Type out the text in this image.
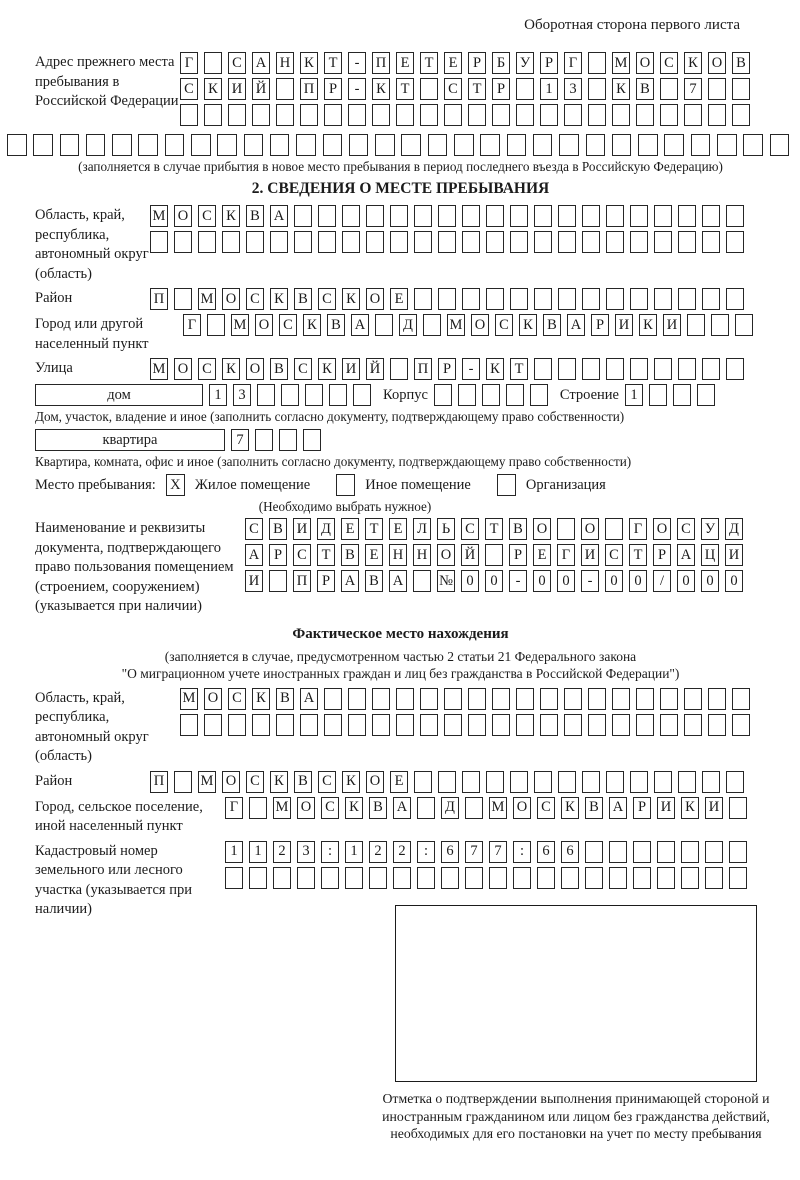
Оборотная сторона первого листа
Адрес прежнего места пребывания в Российской Федерации
Г	С А Н К	Т	-	П Е	Т	Е	Р	Б	У	Р	Г	М О С К О В
С К И Й	П	Р	-	К	Т	С	Т	Р	1	3	К В	7
(заполняется в случае прибытия в новое место пребывания в период последнего въезда в Российскую Федерацию)
2. СВЕДЕНИЯ О МЕСТЕ ПРЕБЫВАНИЯ
Область, край, республика, автономный округ (область)
М О С К В А
Район	П	М О С К В С К О Е
Город или другой населенный пункт
Г	М О С К В А	Д	М О С К В А	Р	И К И
Улица	М О С К О В С К И Й	П	Р	-	К	Т
дом	1	3	Корпус	Строение 1
Дом, участок, владение и иное (заполнить согласно документу, подтверждающему право собственности)
квартира	7
Квартира, комната, офис и иное (заполнить согласно документу, подтверждающему право собственности)
Место пребывания: X Жилое помещение	Иное помещение	Организация
(Необходимо выбрать нужное)
Наименование и реквизиты документа, подтверждающего право пользования помещением (строением, сооружением) (указывается при наличии)
С В И Д	Е	Т	Е	Л	Ь	С	Т	В О	О	Г	О С У Д
А	Р	С	Т	В	Е Н Н О Й	Р	Е	Г	И С	Т	Р	А Ц И
И	П	Р	А В А № 0	0	-	0	0	-	0	0	/	0	0	0
Фактическое место нахождения
(заполняется в случае, предусмотренном частью 2 статьи 21 Федерального закона
"О миграционном учете иностранных граждан и лиц без гражданства в Российской Федерации")
Область, край, республика, автономный округ (область)
М О С К В А
Район	П	М О С К В С К О Е
Город, сельское поселение, иной населенный пункт
Г	М О С К В А	Д	М О С К В А	Р	И К И
Кадастровый номер земельного или лесного участка (указывается при наличии)
1	1	2	3	:	1	2	2	:	6	7	7	:	6	6
Отметка о подтверждении выполнения принимающей стороной и иностранным гражданином или лицом без гражданства действий, необходимых для его постановки на учет по месту пребывания
